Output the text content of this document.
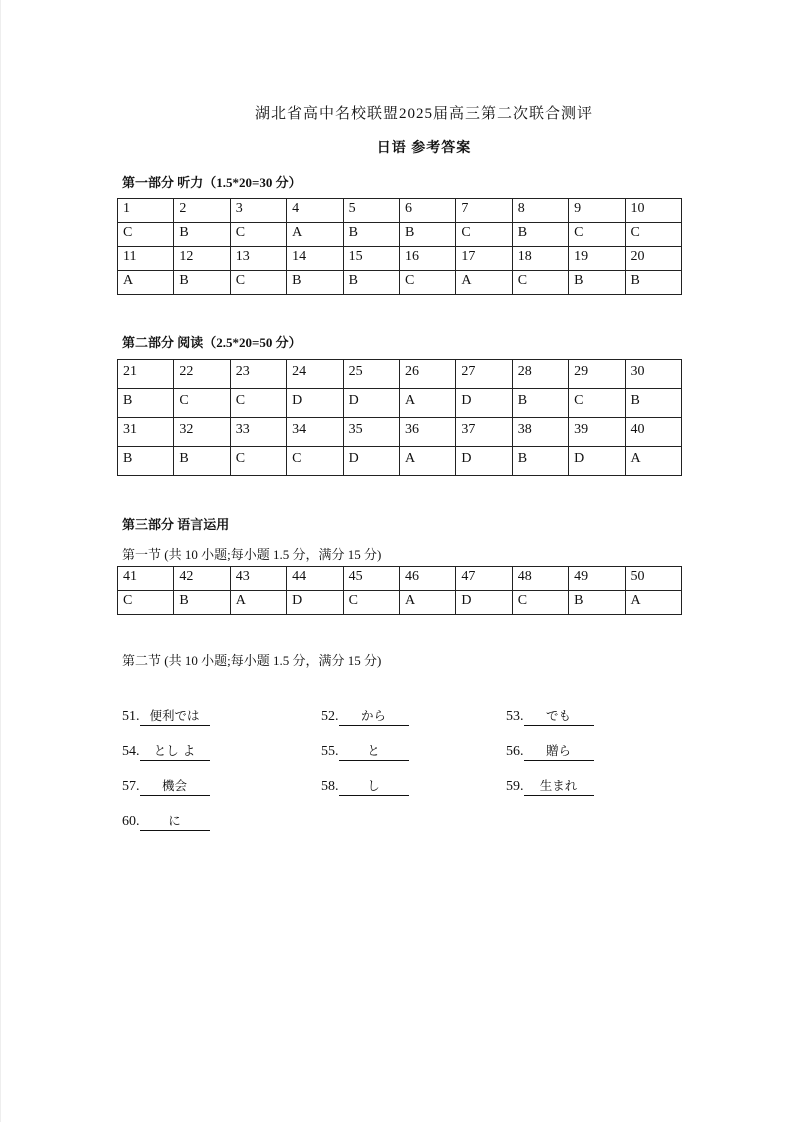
湖北省高中名校联盟2025届高三第二次联合测评
日语 参考答案
第一部分 听力（1.5*20=30 分）
1	2	3	4	5	6	7	8	9	10
C	B	C	A	B	B	C	B	C	C
11	12	13	14	15	16	17	18	19	20
A	B	C	B	B	C	A	C	B	B
第二部分 阅读（2.5*20=50 分）
21	22	23	24	25	26	27	28	29	30
B	C	C	D	D	A	D	B	C	B
31	32	33	34	35	36	37	38	39	40
B	B	C	C	D	A	D	B	D	A
第三部分 语言运用
第一节 (共 10 小题;每小题 1.5 分，满分 15 分)
41	42	43	44	45	46	47	48	49	50
C	B	A	D	C	A	D	C	B	A
第二节 (共 10 小题;每小题 1.5 分，满分 15 分)
51. 便利では	52. から	53. でも
54. とし よ	55. と	56. 贈ら
57. 機会	58. し	59. 生まれ
60. に
